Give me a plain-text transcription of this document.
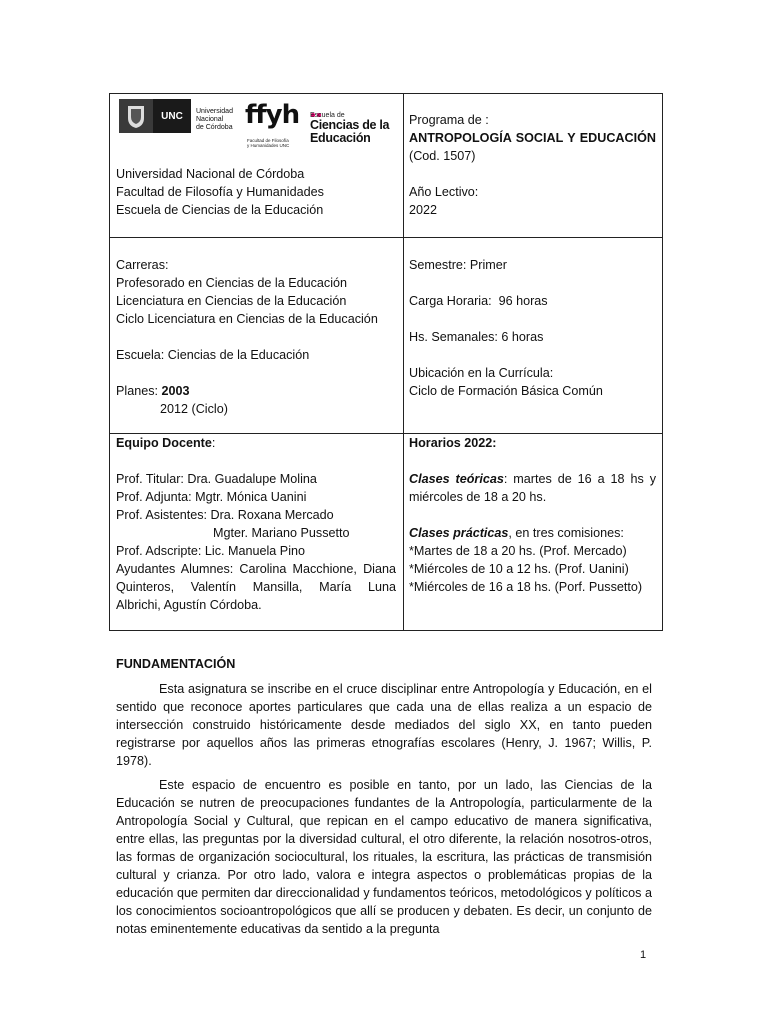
UNC Universidad
Nacional
de Córdoba ffyh
Facultad de Filosofía
y Humanidades UNC
Escuela de
Ciencias de la
Educación
Universidad Nacional de Córdoba
Facultad de Filosofía y Humanidades
Escuela de Ciencias de la Educación
Programa de :
ANTROPOLOGÍA SOCIAL Y EDUCACIÓN
(Cod. 1507)
Año Lectivo:
2022
Carreras:
Profesorado en Ciencias de la Educación
Licenciatura en Ciencias de la Educación
Ciclo Licenciatura en Ciencias de la Educación
Escuela: Ciencias de la Educación
Planes: 2003
2012 (Ciclo)
Semestre: Primer
Carga Horaria:  96 horas
Hs. Semanales: 6 horas
Ubicación en la Currícula:
Ciclo de Formación Básica Común
Equipo Docente:
Prof. Titular: Dra. Guadalupe Molina
Prof. Adjunta: Mgtr. Mónica Uanini
Prof. Asistentes: Dra. Roxana Mercado
Mgter. Mariano Pussetto
Prof. Adscripte: Lic. Manuela Pino
Ayudantes Alumnes: Carolina Macchione, Diana
Quinteros, Valentín Mansilla, María Luna
Albrichi, Agustín Córdoba.
Horarios 2022:
Clases teóricas: martes de 16 a 18 hs y
miércoles de 18 a 20 hs.
Clases prácticas, en tres comisiones:
*Martes de 18 a 20 hs. (Prof. Mercado)
*Miércoles de 10 a 12 hs. (Prof. Uanini)
*Miércoles de 16 a 18 hs. (Porf. Pussetto)
FUNDAMENTACIÓN

Esta asignatura se inscribe en el cruce disciplinar entre Antropología y Educación, en el sentido que reconoce aportes particulares que cada una de ellas realiza a un espacio de intersección construido históricamente desde mediados del siglo XX, en tanto pueden registrarse por aquellos años las primeras etnografías escolares (Henry, J. 1967; Willis, P. 1978).

Este espacio de encuentro es posible en tanto, por un lado, las Ciencias de la Educación se nutren de preocupaciones fundantes de la Antropología, particularmente de la Antropología Social y Cultural, que repican en el campo educativo de manera significativa, entre ellas, las preguntas por la diversidad cultural, el otro diferente, la relación nosotros-otros, las formas de organización sociocultural, los rituales, la escritura, las prácticas de transmisión cultural y crianza. Por otro lado, valora e integra aspectos o problemáticas propias de la educación que permiten dar direccionalidad y fundamentos teóricos, metodológicos y políticos a los conocimientos socioantropológicos que allí se producen y debaten. Es decir, un conjunto de notas eminentemente educativas da sentido a la pregunta

1
